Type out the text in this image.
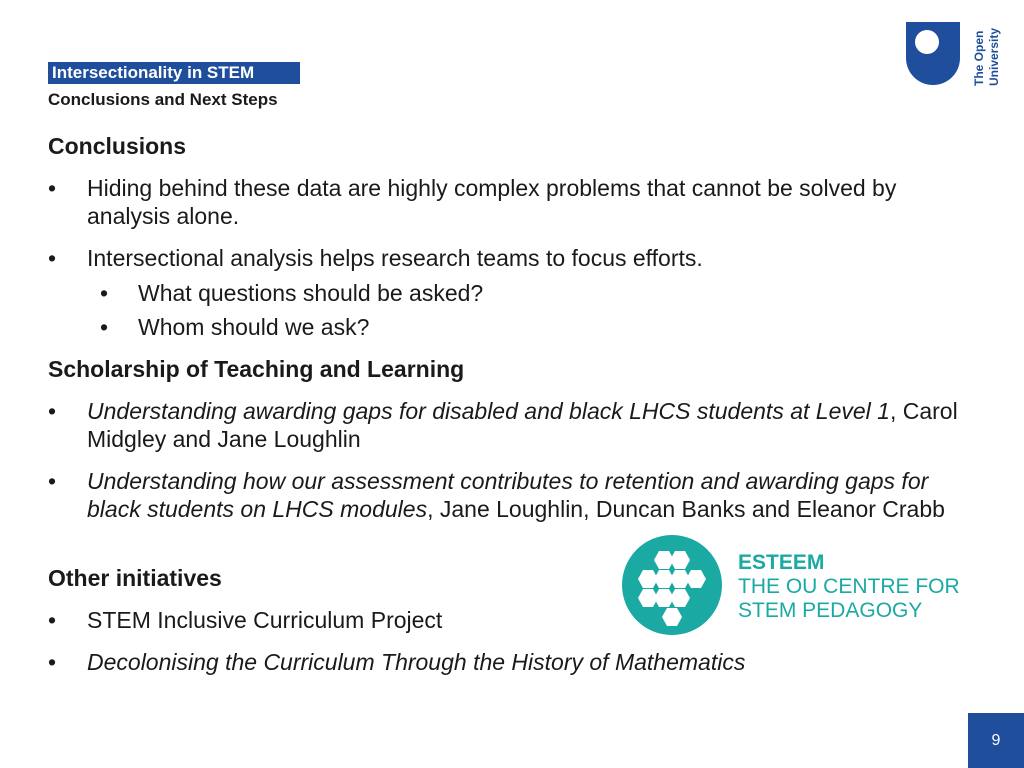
Intersectionality in STEM
Conclusions and Next Steps
The Open University
Conclusions
• Hiding behind these data are highly complex problems that cannot be solved by analysis alone.
• Intersectional analysis helps research teams to focus efforts.
• What questions should be asked?
• Whom should we ask?
Scholarship of Teaching and Learning
• Understanding awarding gaps for disabled and black LHCS students at Level 1, Carol Midgley and Jane Loughlin
• Understanding how our assessment contributes to retention and awarding gaps for black students on LHCS modules, Jane Loughlin, Duncan Banks and Eleanor Crabb
Other initiatives
• STEM Inclusive Curriculum Project
• Decolonising the Curriculum Through the History of Mathematics
ESTEEM
THE OU CENTRE FOR
STEM PEDAGOGY
9
